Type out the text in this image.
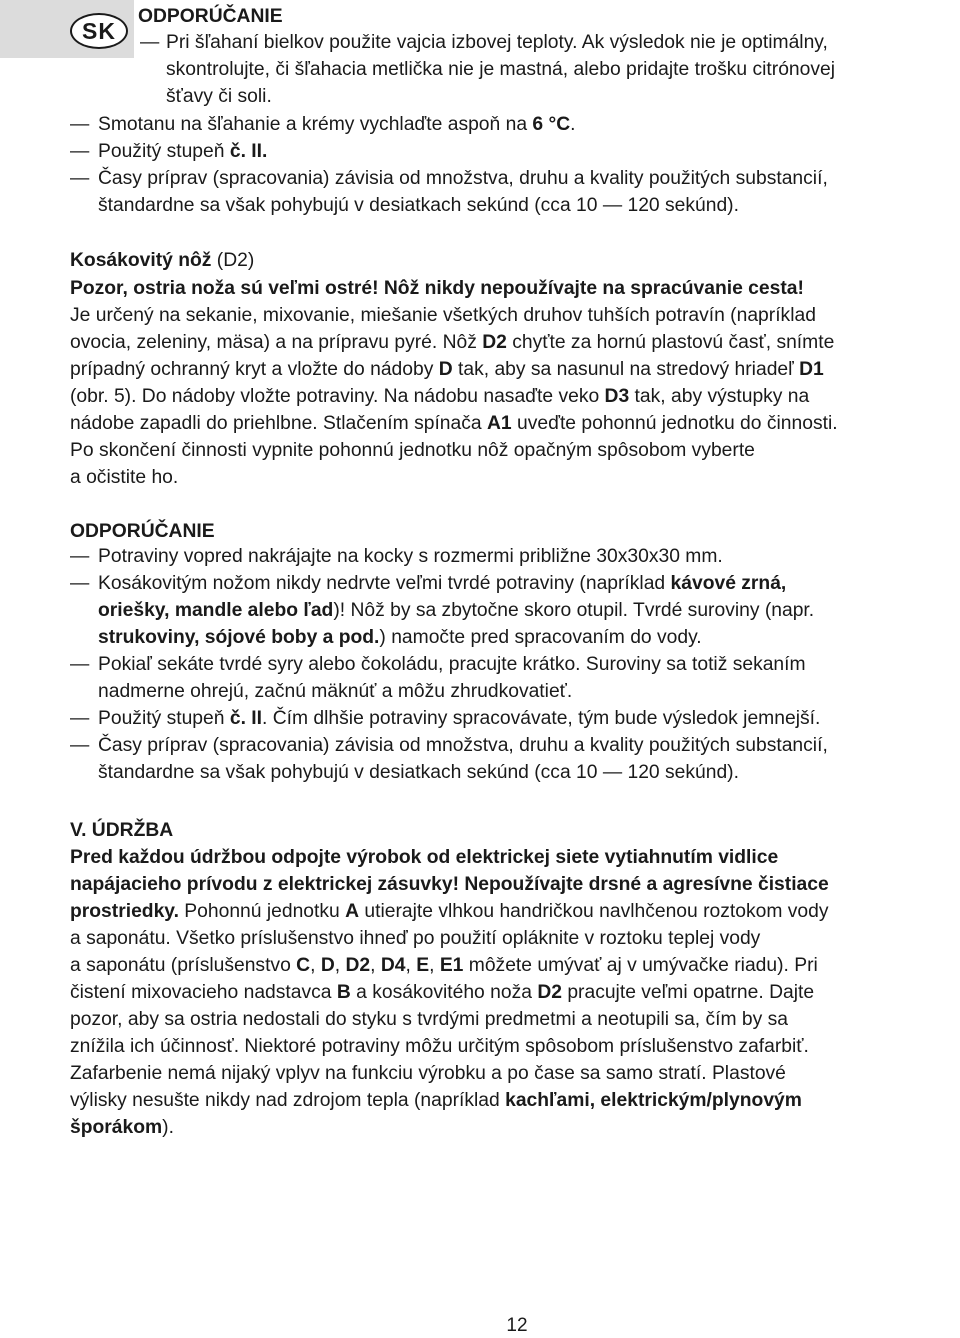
SK
ODPORÚČANIE
— Pri šľahaní bielkov použite vajcia izbovej teploty. Ak výsledok nie je optimálny,
skontrolujte, či šľahacia metlička nie je mastná, alebo pridajte trošku citrónovej
šťavy či soli.
— Smotanu na šľahanie a krémy vychlaďte aspoň na 6 °C.
— Použitý stupeň č. II.
— Časy príprav (spracovania) závisia od množstva, druhu a kvality použitých substancií,
štandardne sa však pohybujú v desiatkach sekúnd (cca 10 — 120 sekúnd).
Kosákovitý nôž (D2)
Pozor, ostria noža sú veľmi ostré! Nôž nikdy nepoužívajte na spracúvanie cesta!
Je určený na sekanie, mixovanie, miešanie všetkých druhov tuhších potravín (napríklad
ovocia, zeleniny, mäsa) a na prípravu pyré. Nôž D2 chyťte za hornú plastovú časť, snímte
prípadný ochranný kryt a vložte do nádoby D tak, aby sa nasunul na stredový hriadeľ D1
(obr. 5). Do nádoby vložte potraviny. Na nádobu nasaďte veko D3 tak, aby výstupky na
nádobe zapadli do priehlbne. Stlačením spínača A1 uveďte pohonnú jednotku do činnosti.
Po skončení činnosti vypnite pohonnú jednotku nôž opačným spôsobom vyberte
a očistite ho.
ODPORÚČANIE
— Potraviny vopred nakrájajte na kocky s rozmermi približne 30x30x30 mm.
— Kosákovitým nožom nikdy nedrvte veľmi tvrdé potraviny (napríklad kávové zrná,
oriešky, mandle alebo ľad)! Nôž by sa zbytočne skoro otupil. Tvrdé suroviny (napr.
strukoviny, sójové boby a pod.) namočte pred spracovaním do vody.
— Pokiaľ sekáte tvrdé syry alebo čokoládu, pracujte krátko. Suroviny sa totiž sekaním
nadmerne ohrejú, začnú mäknúť a môžu zhrudkovatieť.
— Použitý stupeň č. II. Čím dlhšie potraviny spracovávate, tým bude výsledok jemnejší.
— Časy príprav (spracovania) závisia od množstva, druhu a kvality použitých substancií,
štandardne sa však pohybujú v desiatkach sekúnd (cca 10 — 120 sekúnd).
V. ÚDRŽBA
Pred každou údržbou odpojte výrobok od elektrickej siete vytiahnutím vidlice
napájacieho prívodu z elektrickej zásuvky! Nepoužívajte drsné a agresívne čistiace
prostriedky. Pohonnú jednotku A utierajte vlhkou handričkou navlhčenou roztokom vody
a saponátu. Všetko príslušenstvo ihneď po použití opláknite v roztoku teplej vody
a saponátu (príslušenstvo C, D, D2, D4, E, E1 môžete umývať aj v umývačke riadu). Pri
čistení mixovacieho nadstavca B a kosákovitého noža D2 pracujte veľmi opatrne. Dajte
pozor, aby sa ostria nedostali do styku s tvrdými predmetmi a neotupili sa, čím by sa
znížila ich účinnosť. Niektoré potraviny môžu určitým spôsobom príslušenstvo zafarbiť.
Zafarbenie nemá nijaký vplyv na funkciu výrobku a po čase sa samo stratí. Plastové
výlisky nesušte nikdy nad zdrojom tepla (napríklad kachľami, elektrickým/plynovým
šporákom).
12
